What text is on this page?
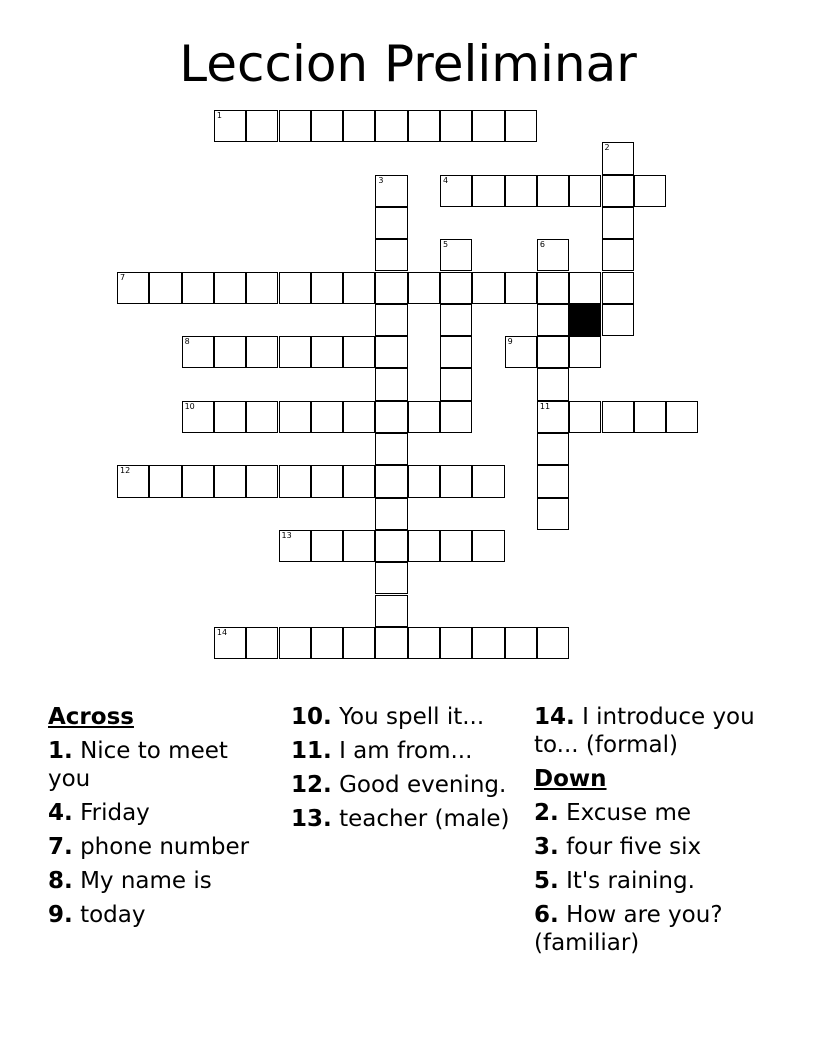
Leccion Preliminar
1
2
3	4
5	6
7
8	9
10	11
12
13
14
Across
1. Nice to meet you
4. Friday
7. phone number
8. My name is
9. today
10. You spell it...
11. I am from...
12. Good evening.
13. teacher (male)
14. I introduce you to... (formal)
Down
2. Excuse me
3. four five six
5. It's raining.
6. How are you? (familiar)
